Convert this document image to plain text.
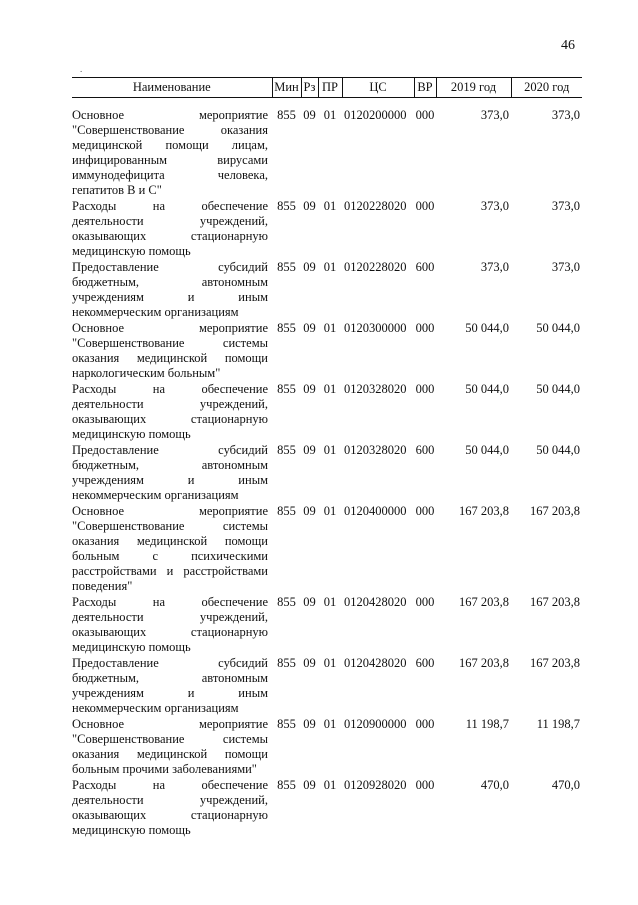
46
.
Наименование	Мин	Рз	ПР	ЦС	ВР	2019 год	2020 год
Основное мероприятие "Совершенствование оказания медицинской помощи лицам, инфицированным вирусами иммунодефицита человека, гепатитов В и С"	855	09	01	0120200000	000	373,0	373,0
Расходы на обеспечение деятельности учреждений, оказывающих стационарную медицинскую помощь	855	09	01	0120228020	000	373,0	373,0
Предоставление субсидий бюджетным, автономным учреждениям и иным некоммерческим организациям	855	09	01	0120228020	600	373,0	373,0
Основное мероприятие "Совершенствование системы оказания медицинской помощи наркологическим больным"	855	09	01	0120300000	000	50 044,0	50 044,0
Расходы на обеспечение деятельности учреждений, оказывающих стационарную медицинскую помощь	855	09	01	0120328020	000	50 044,0	50 044,0
Предоставление субсидий бюджетным, автономным учреждениям и иным некоммерческим организациям	855	09	01	0120328020	600	50 044,0	50 044,0
Основное мероприятие "Совершенствование системы оказания медицинской помощи больным с психическими расстройствами и расстройствами поведения"	855	09	01	0120400000	000	167 203,8	167 203,8
Расходы на обеспечение деятельности учреждений, оказывающих стационарную медицинскую помощь	855	09	01	0120428020	000	167 203,8	167 203,8
Предоставление субсидий бюджетным, автономным учреждениям и иным некоммерческим организациям	855	09	01	0120428020	600	167 203,8	167 203,8
Основное мероприятие "Совершенствование системы оказания медицинской помощи больным прочими заболеваниями"	855	09	01	0120900000	000	11 198,7	11 198,7
Расходы на обеспечение деятельности учреждений, оказывающих стационарную медицинскую помощь	855	09	01	0120928020	000	470,0	470,0
